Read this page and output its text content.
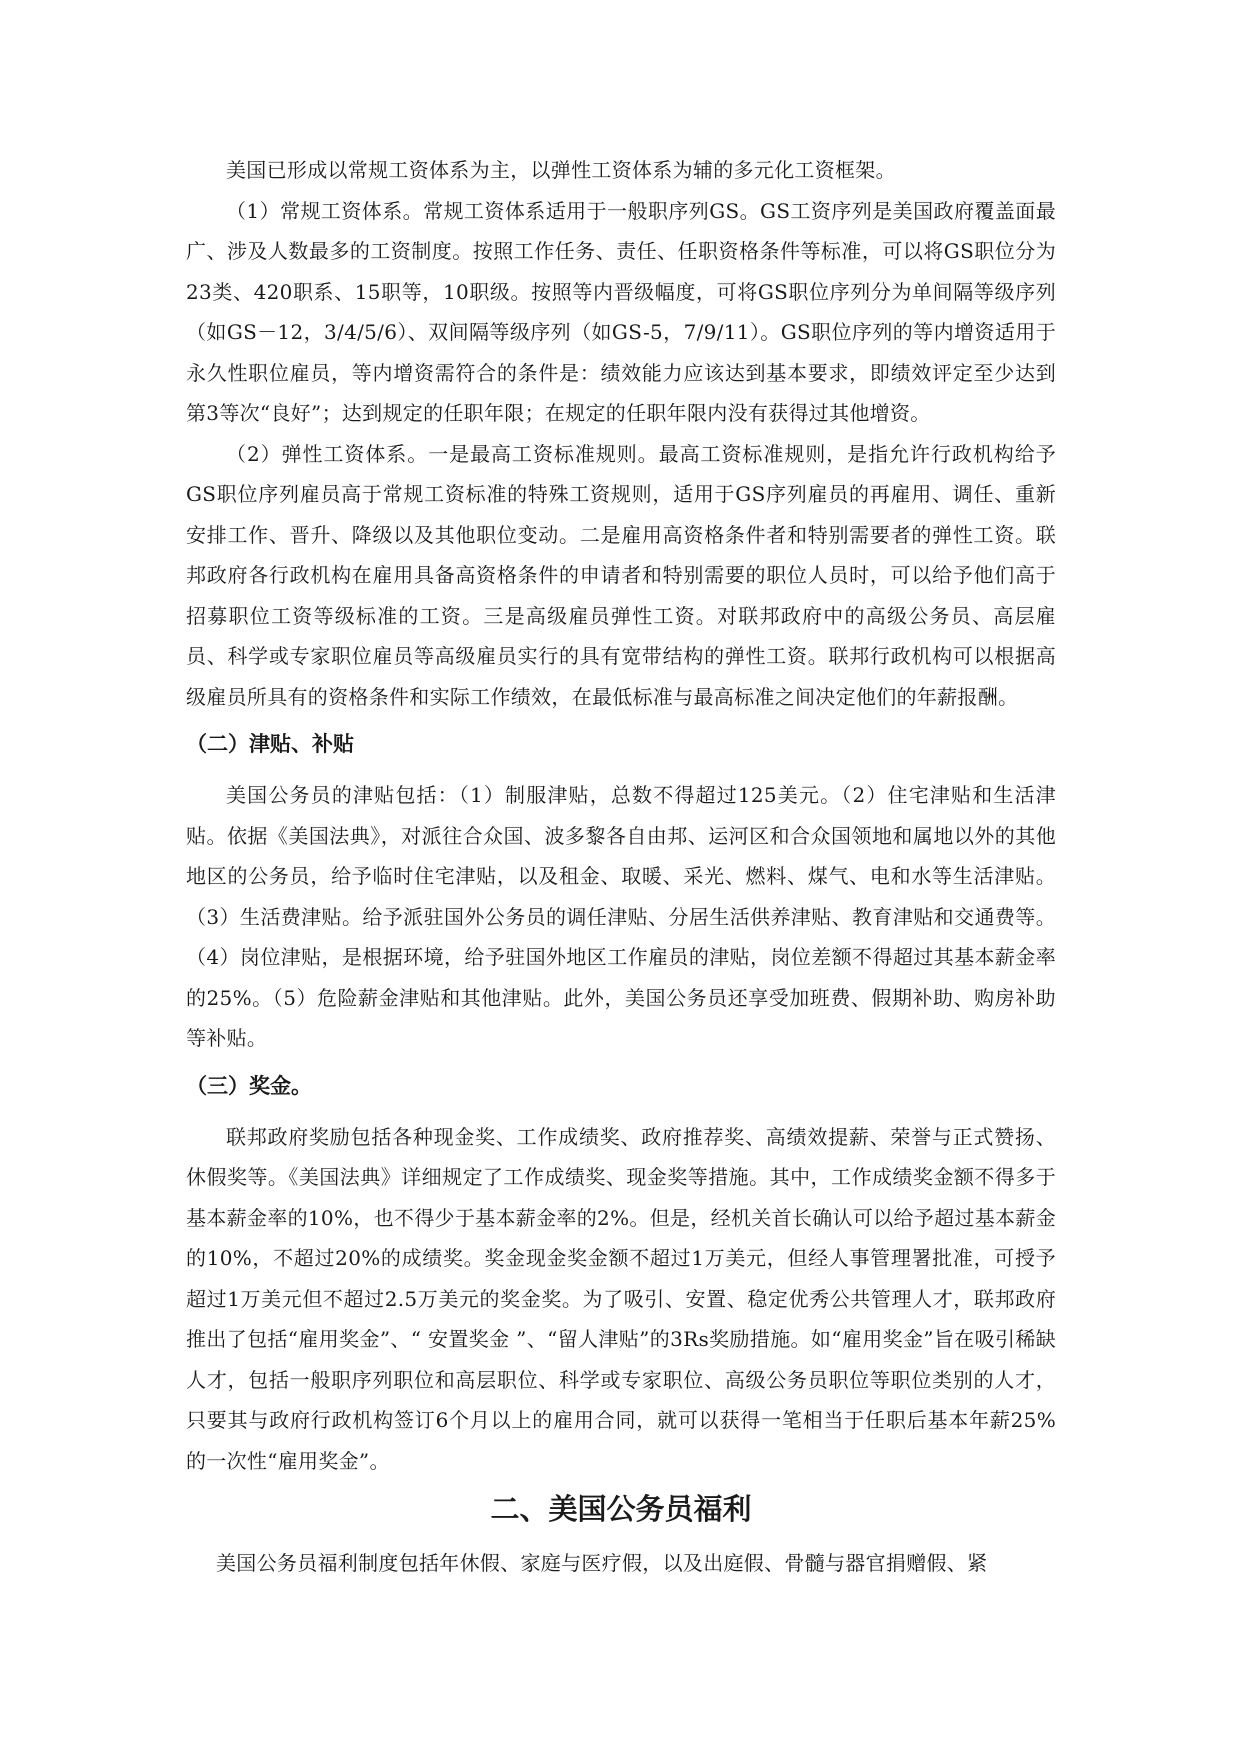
美国已形成以常规工资体系为主，以弹性工资体系为辅的多元化工资框架。

（1）常规工资体系。常规工资体系适用于一般职序列GS。GS工资序列是美国政府覆盖面最广、涉及人数最多的工资制度。按照工作任务、责任、任职资格条件等标准，可以将GS职位分为23类、420职系、15职等，10职级。按照等内晋级幅度，可将GS职位序列分为单间隔等级序列（如GS－12，3/4/5/6）、双间隔等级序列（如GS-5，7/9/11）。GS职位序列的等内增资适用于永久性职位雇员，等内增资需符合的条件是：绩效能力应该达到基本要求，即绩效评定至少达到第3等次“良好”；达到规定的任职年限；在规定的任职年限内没有获得过其他增资。

（2）弹性工资体系。一是最高工资标准规则。最高工资标准规则，是指允许行政机构给予GS职位序列雇员高于常规工资标准的特殊工资规则，适用于GS序列雇员的再雇用、调任、重新安排工作、晋升、降级以及其他职位变动。二是雇用高资格条件者和特别需要者的弹性工资。联邦政府各行政机构在雇用具备高资格条件的申请者和特别需要的职位人员时，可以给予他们高于招募职位工资等级标准的工资。三是高级雇员弹性工资。对联邦政府中的高级公务员、高层雇员、科学或专家职位雇员等高级雇员实行的具有宽带结构的弹性工资。联邦行政机构可以根据高级雇员所具有的资格条件和实际工作绩效，在最低标准与最高标准之间决定他们的年薪报酬。

（二）津贴、补贴

美国公务员的津贴包括：（1）制服津贴，总数不得超过125美元。（2）住宅津贴和生活津贴。依据《美国法典》，对派往合众国、波多黎各自由邦、运河区和合众国领地和属地以外的其他地区的公务员，给予临时住宅津贴，以及租金、取暖、采光、燃料、煤气、电和水等生活津贴。（3）生活费津贴。给予派驻国外公务员的调任津贴、分居生活供养津贴、教育津贴和交通费等。（4）岗位津贴，是根据环境，给予驻国外地区工作雇员的津贴，岗位差额不得超过其基本薪金率的25%。（5）危险薪金津贴和其他津贴。此外，美国公务员还享受加班费、假期补助、购房补助等补贴。

（三）奖金。

联邦政府奖励包括各种现金奖、工作成绩奖、政府推荐奖、高绩效提薪、荣誉与正式赞扬、休假奖等。《美国法典》详细规定了工作成绩奖、现金奖等措施。其中，工作成绩奖金额不得多于基本薪金率的10%，也不得少于基本薪金率的2%。但是，经机关首长确认可以给予超过基本薪金的10%，不超过20%的成绩奖。奖金现金奖金额不超过1万美元，但经人事管理署批准，可授予超过1万美元但不超过2.5万美元的奖金奖。为了吸引、安置、稳定优秀公共管理人才，联邦政府推出了包括“雇用奖金”、“ 安置奖金 ”、“留人津贴”的3Rs奖励措施。如“雇用奖金”旨在吸引稀缺人才，包括一般职序列职位和高层职位、科学或专家职位、高级公务员职位等职位类别的人才，只要其与政府行政机构签订6个月以上的雇用合同，就可以获得一笔相当于任职后基本年薪25%的一次性“雇用奖金”。

二、美国公务员福利

美国公务员福利制度包括年休假、家庭与医疗假，以及出庭假、骨髓与器官捐赠假、紧
